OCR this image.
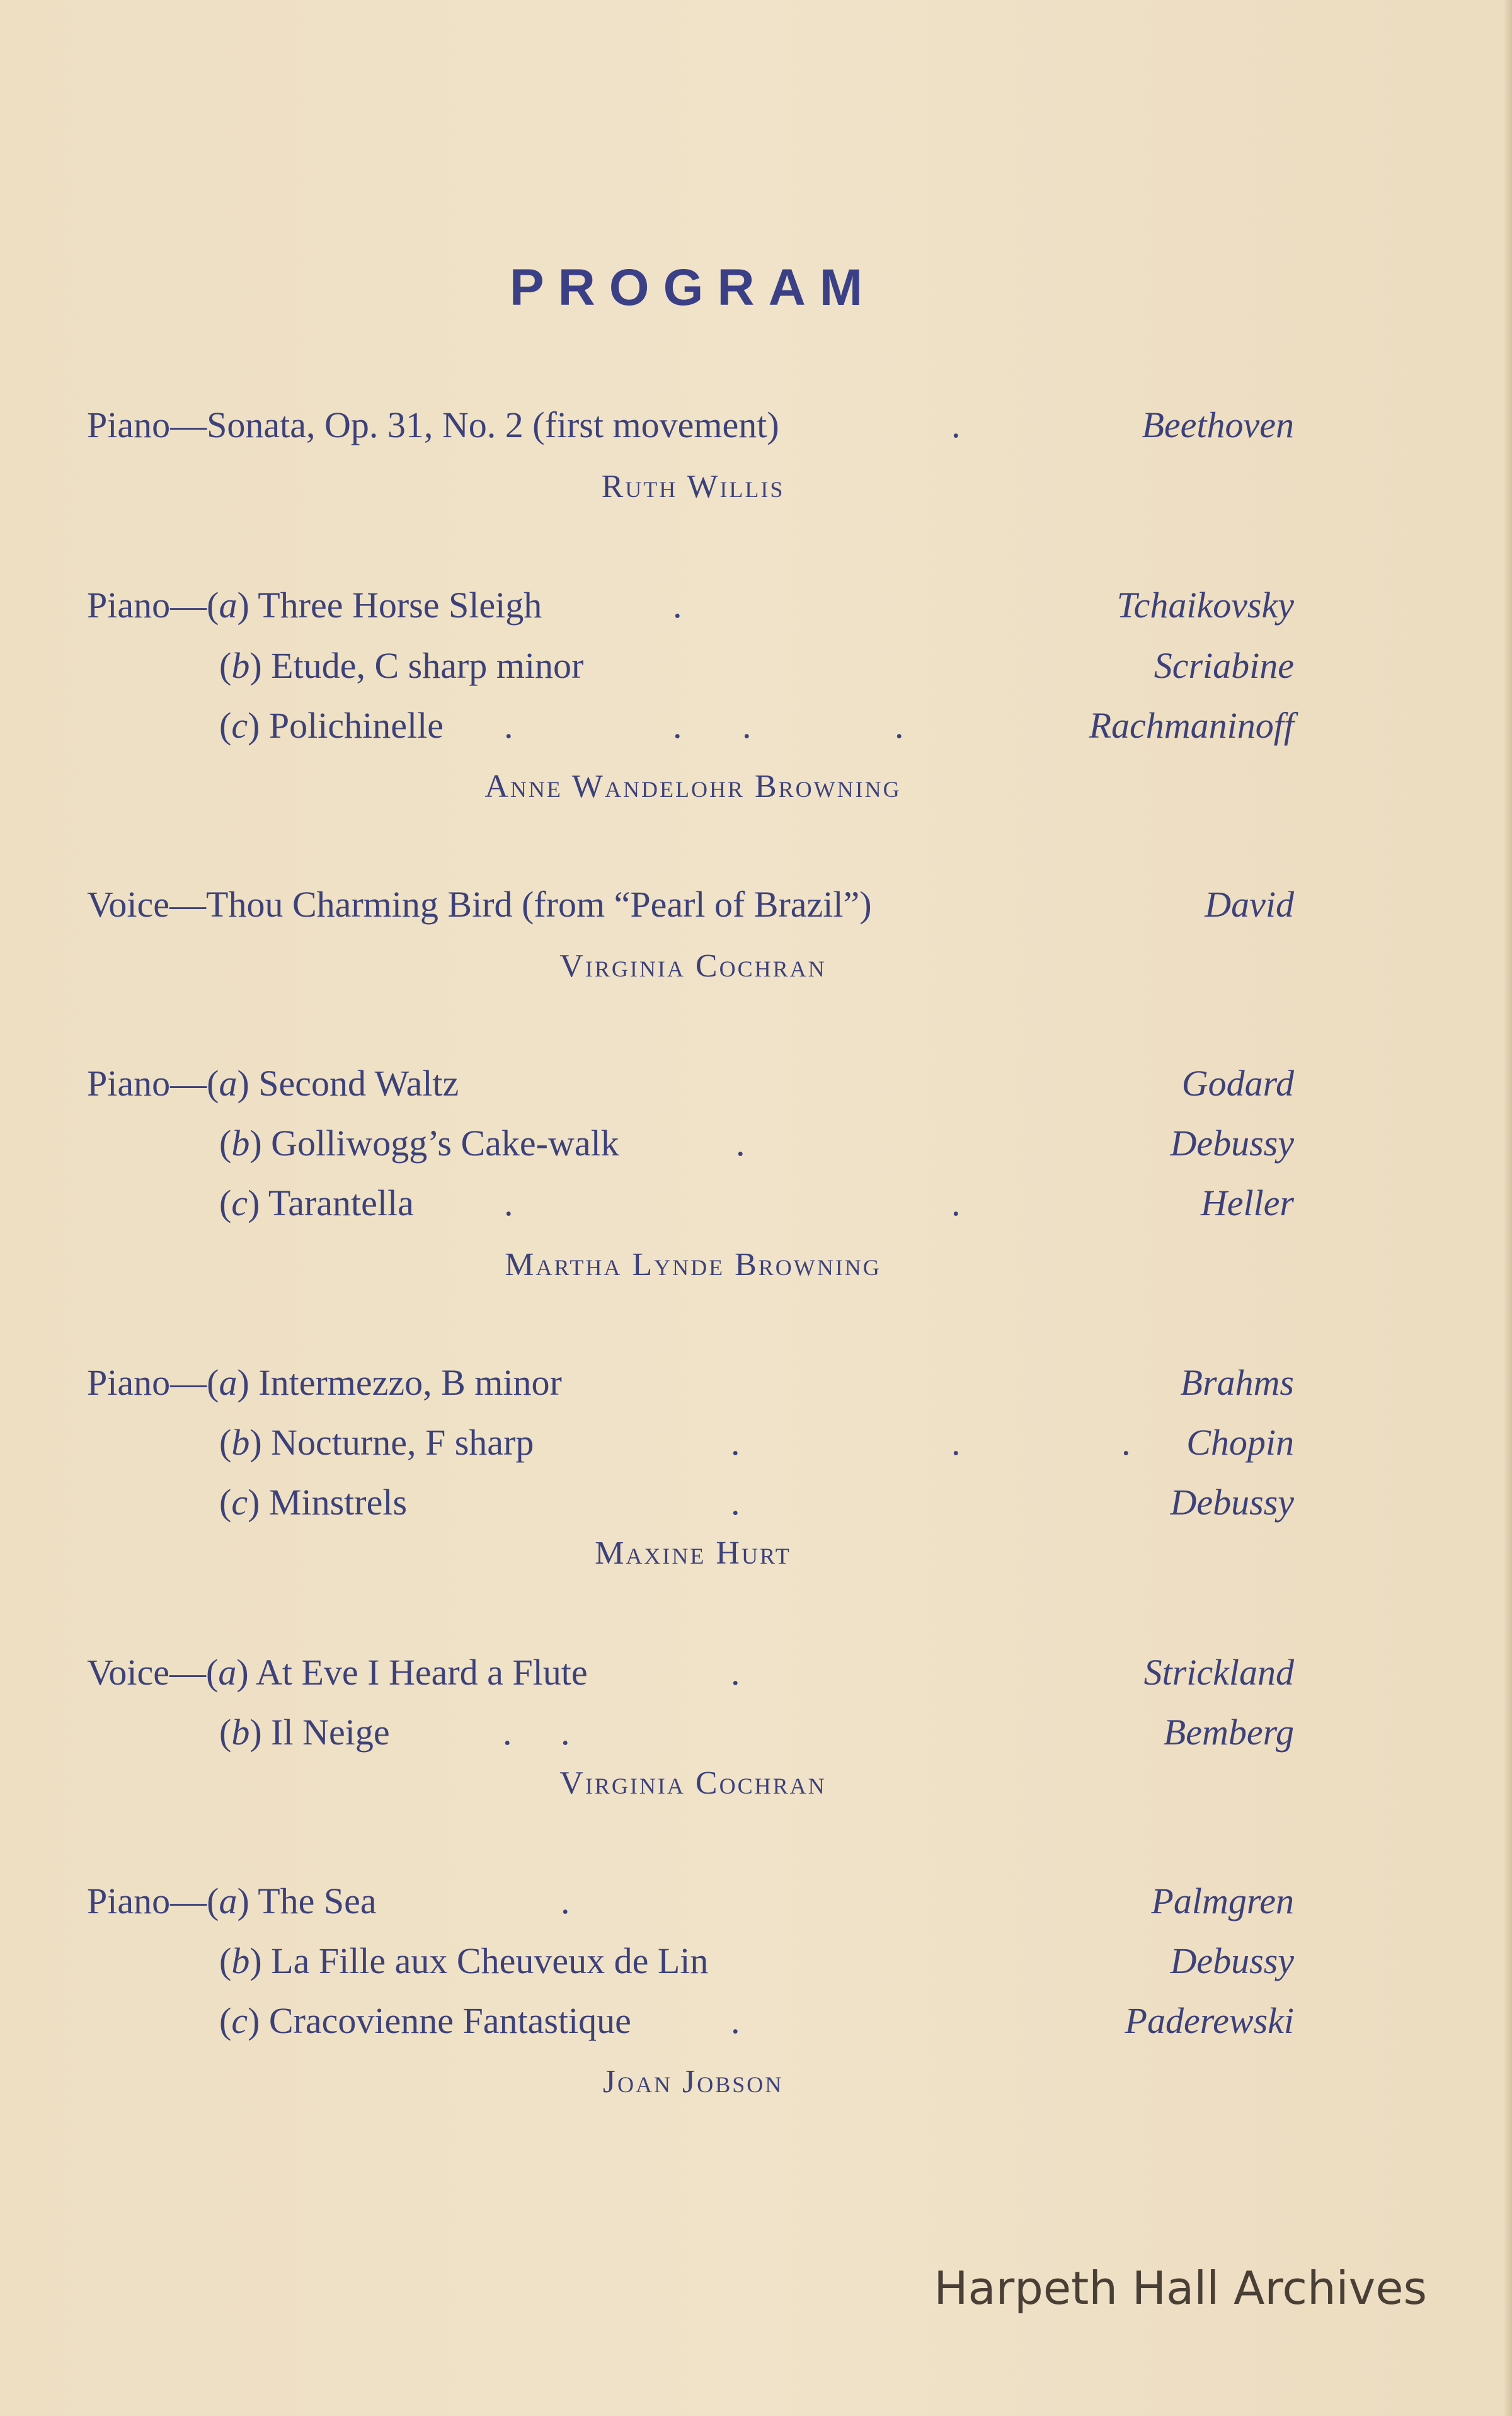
PROGRAM
Piano—Sonata, Op. 31, No. 2 (first movement)	.	Beethoven
Ruth Willis
Piano—(a) Three Horse Sleigh	.	Tchaikovsky
(b) Etude, C sharp minor	Scriabine
(c) Polichinelle .	. .	.	Rachmaninoff
Anne Wandelohr Browning
Voice—Thou Charming Bird (from “Pearl of Brazil”)	David
Virginia Cochran
Piano—(a) Second Waltz	Godard
(b) Golliwogg’s Cake-walk	.	Debussy
(c) Tarantella .	.	Heller
Martha Lynde Browning
Piano—(a) Intermezzo, B minor	Brahms
(b) Nocturne, F sharp	.	.	. Chopin
(c) Minstrels	.	Debussy
Maxine Hurt
Voice—(a) At Eve I Heard a Flute	.	Strickland
(b) Il Neige	. .	Bemberg
Virginia Cochran
Piano—(a) The Sea	.	Palmgren
(b) La Fille aux Cheuveux de Lin	Debussy
(c) Cracovienne Fantastique	.	Paderewski
Joan Jobson
Harpeth Hall Archives
